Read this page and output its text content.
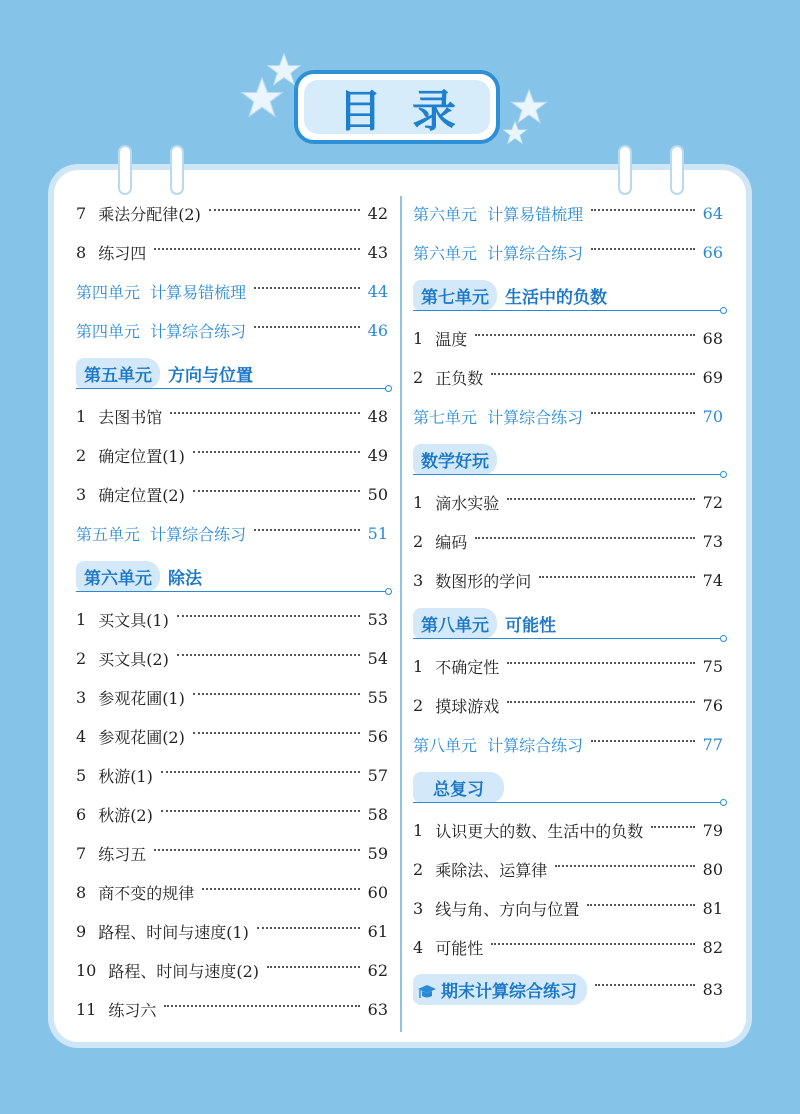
目录
7 乘法分配律(2)	42
8 练习四	43
第四单元  计算易错梳理	44
第四单元  计算综合练习	46
第五单元 方向与位置
1 去图书馆	48
2 确定位置(1)	49
3 确定位置(2)	50
第五单元  计算综合练习	51
第六单元 除法
1 买文具(1)	53
2 买文具(2)	54
3 参观花圃(1)	55
4 参观花圃(2)	56
5 秋游(1)	57
6 秋游(2)	58
7 练习五	59
8 商不变的规律	60
9 路程、时间与速度(1)	61
10 路程、时间与速度(2)	62
11 练习六	63
第六单元  计算易错梳理	64
第六单元  计算综合练习	66
第七单元 生活中的负数
1 温度	68
2 正负数	69
第七单元  计算综合练习	70
数学好玩
1 滴水实验	72
2 编码	73
3 数图形的学问	74
第八单元 可能性
1 不确定性	75
2 摸球游戏	76
第八单元  计算综合练习	77
总复习
1 认识更大的数、生活中的负数	79
2 乘除法、运算律	80
3 线与角、方向与位置	81
4 可能性	82
期末计算综合练习	83
